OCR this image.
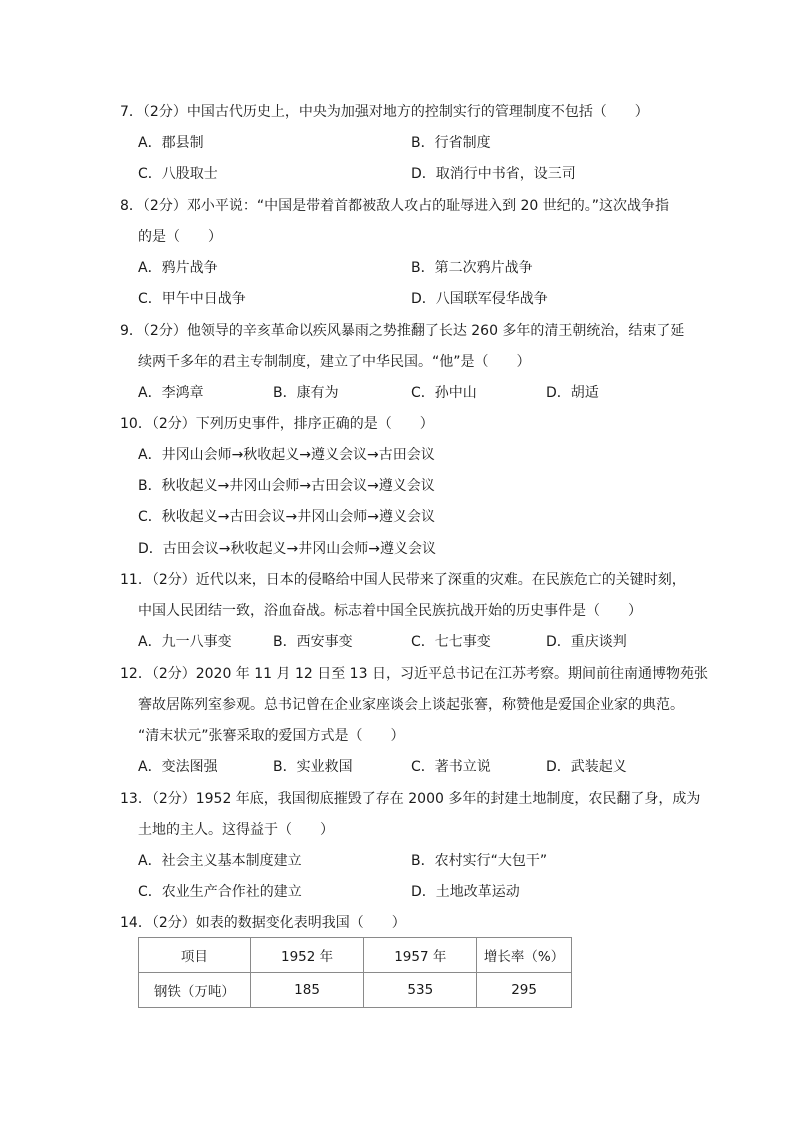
7．（2分）中国古代历史上，中央为加强对地方的控制实行的管理制度不包括（　　）
A．郡县制	B．行省制度
C．八股取士	D．取消行中书省，设三司
8．（2分）邓小平说：“中国是带着首都被敌人攻占的耻辱进入到 20 世纪的。”这次战争指
的是（　　）
A．鸦片战争	B．第二次鸦片战争
C．甲午中日战争	D．八国联军侵华战争
9．（2分）他领导的辛亥革命以疾风暴雨之势推翻了长达 260 多年的清王朝统治，结束了延
续两千多年的君主专制制度，建立了中华民国。“他”是（　　）
A．李鸿章	B．康有为	C．孙中山	D．胡适
10．（2分）下列历史事件，排序正确的是（　　）
A．井冈山会师→秋收起义→遵义会议→古田会议
B．秋收起义→井冈山会师→古田会议→遵义会议
C．秋收起义→古田会议→井冈山会师→遵义会议
D．古田会议→秋收起义→井冈山会师→遵义会议
11．（2分）近代以来，日本的侵略给中国人民带来了深重的灾难。在民族危亡的关键时刻，
中国人民团结一致，浴血奋战。标志着中国全民族抗战开始的历史事件是（　　）
A．九一八事变	B．西安事变	C．七七事变	D．重庆谈判
12．（2分）2020 年 11 月 12 日至 13 日，习近平总书记在江苏考察。期间前往南通博物苑张
謇故居陈列室参观。总书记曾在企业家座谈会上谈起张謇，称赞他是爱国企业家的典范。
“清末状元”张謇采取的爱国方式是（　　）
A．变法图强	B．实业救国	C．著书立说	D．武装起义
13．（2分）1952 年底，我国彻底摧毁了存在 2000 多年的封建土地制度，农民翻了身，成为
土地的主人。这得益于（　　）
A．社会主义基本制度建立	B．农村实行“大包干”
C．农业生产合作社的建立	D．土地改革运动
14．（2分）如表的数据变化表明我国（　　）
项目	1952 年	1957 年	增长率（%）
钢铁（万吨）	185	535	295
